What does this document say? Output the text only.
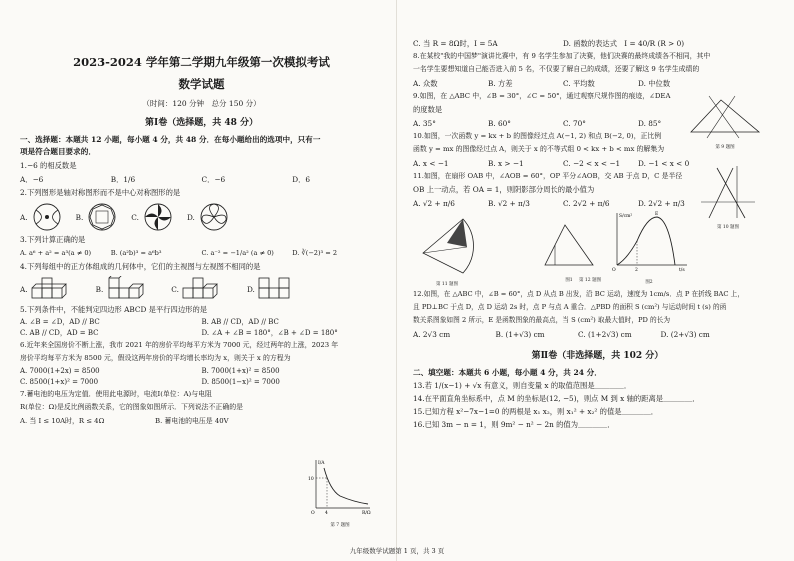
2023-2024 学年第二学期九年级第一次模拟考试
数学试题
（时间：120 分钟　总分 150 分）
第Ⅰ卷（选择题，共 48 分）
一、选择题：本题共 12 小题，每小题 4 分，共 48 分．在每小题给出的选项中，只有一
项是符合题目要求的．
1.−6 的相反数是
A．−6	B．1/6	C．−6	D．6
2.下列图形是轴对称图形而不是中心对称图形的是
A.	B.	C.	D.
3.下列计算正确的是
A. a⁶ + a² = a³(a ≠ 0)	B. (a²b)³ = a⁶b³	C. a⁻² = −1/a² (a ≠ 0)	D. ∛(−2)³ = 2
4.下列每组中的正方体组成的几何体中，它们的主视图与左视图不相同的是
A.	B.	C.	D.
5.下列条件中，不能判定四边形 ABCD 是平行四边形的是
A. ∠B = ∠D，AD // BC	B. AB // CD，AD // BC
C. AB // CD，AD = BC	D. ∠A + ∠B = 180°，∠B + ∠D = 180°
6.近年来全国房价不断上涨，我市 2021 年的房价平均每平方米为 7000 元，经过两年的上涨，2023 年
房价平均每平方米为 8500 元，假设这两年房价的平均增长率均为 x，则关于 x 的方程为
A. 7000(1+2x) = 8500	B. 7000(1+x)² = 8500
C. 8500(1+x)² = 7000	D. 8500(1−x)² = 7000
7.蓄电池的电压为定值．使用此电源时，电流I(单位：A)与电阻
R(单位：Ω)是反比例函数关系，它的图象如图所示．下列说法不正确的是
A. 当 I ≤ 10A时，R ≤ 4Ω	B. 蓄电池的电压是 40V
I/A
10
4
O	R/Ω
第 7 题图
C. 当 R = 8Ω时，I = 5A	D. 函数的表达式　I = 40/R (R > 0)
8.在某校"我的中国梦"演讲比赛中，有 9 名学生参加了决赛，他们决赛的最终成绩各不相同，其中
一名学生要想知道自己能否进入前 5 名，不仅要了解自己的成绩，还要了解这 9 名学生成绩的
A. 众数	B. 方差	C. 平均数	D. 中位数
9.如图，在 △ABC 中，∠B = 30°，∠C = 50°，通过观察尺规作图的痕迹，∠DEA
的度数是
A. 35°	B. 60°	C. 70°	D. 85°
10.如图，一次函数 y = kx + b 的图像经过点 A(−1, 2) 和点 B(−2, 0)，正比例
函数 y = mx 的图像经过点 A，则关于 x 的不等式组 0 < kx + b < mx 的解集为
A. x < −1	B. x > −1	C. −2 < x < −1	D. −1 < x < 0
11.如图，在扇形 OAB 中，∠AOB = 60°，OP 平分∠AOB，交 AB 于点 D，C 是半径
OB 上一动点，若 OA = 1，则阴影部分周长的最小值为
A. √2 + π/6	B. √2 + π/3	C. 2√2 + π/6	D. 2√2 + π/3
第 11 题图
图1
S/cm²	E
O	2	t/s
图2
第 12 题图
12.如图，在 △ABC 中，∠B = 60°，点 D 从点 B 出发，沿 BC 运动，速度为 1cm/s．点 P 在折线 BAC 上，
且 PD⊥BC 于点 D，点 D 运动 2s 时，点 P 与点 A 重合．△PBD 的面积 S (cm²) 与运动时间 t (s) 的函
数关系图象如图 2 所示，E 是函数图象的最高点，当 S (cm²) 取最大值时，PD 的长为
A. 2√3 cm	B. (1+√3) cm	C. (1+2√3) cm	D. (2+√3) cm
第Ⅱ卷（非选择题，共 102 分）
二、填空题：本题共 6 小题，每小题 4 分，共 24 分．
13.若 1/(x−1) + √x 有意义，则自变量 x 的取值范围是＿＿＿＿．
14.在平面直角坐标系中，点 M 的坐标是(12, −5)，则点 M 到 x 轴的距离是＿＿＿＿．
15.已知方程 x²−7x−1=0 的两根是 x₁ x₂，则 x₁² + x₂² 的值是＿＿＿＿．
16.已知 3m − n = 1，则 9m² − n² − 2n 的值为＿＿＿＿．
第 9 题图
第 10 题图
九年级数学试题第 1 页，共 3 页
